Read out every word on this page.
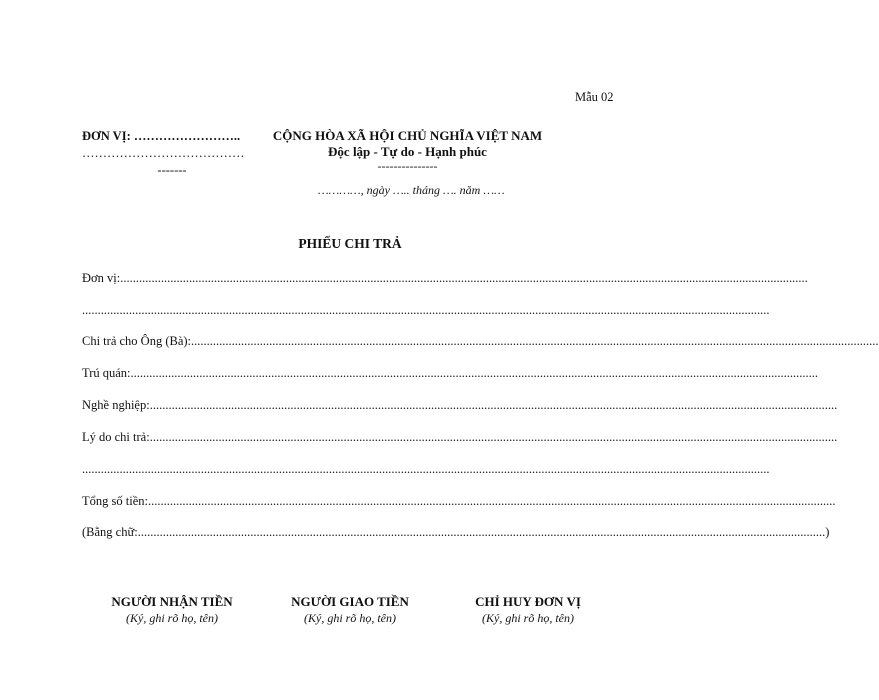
Mẫu 02
ĐƠN VỊ: ……………………..
…………………………………
-------
CỘNG HÒA XÃ HỘI CHỦ NGHĨA VIỆT NAM
Độc lập - Tự do - Hạnh phúc
---------------
…………, ngày ….. tháng …. năm ……
PHIẾU CHI TRẢ
Đơn vị: ............................................................................................................................................................................................................................
............................................................................................................................................................................................................................
Chi trả cho Ông (Bà): ............................................................................................................................................................................................................................
Trú quán: ............................................................................................................................................................................................................................
Nghề nghiệp: ............................................................................................................................................................................................................................
Lý do chi trả: ............................................................................................................................................................................................................................
............................................................................................................................................................................................................................
Tổng số tiền: ............................................................................................................................................................................................................................
(Bằng chữ: ............................................................................................................................................................................................................................ )
NGƯỜI NHẬN TIỀN
(Ký, ghi rõ họ, tên)
NGƯỜI GIAO TIỀN
(Ký, ghi rõ họ, tên)
CHỈ HUY ĐƠN VỊ
(Ký, ghi rõ họ, tên)
